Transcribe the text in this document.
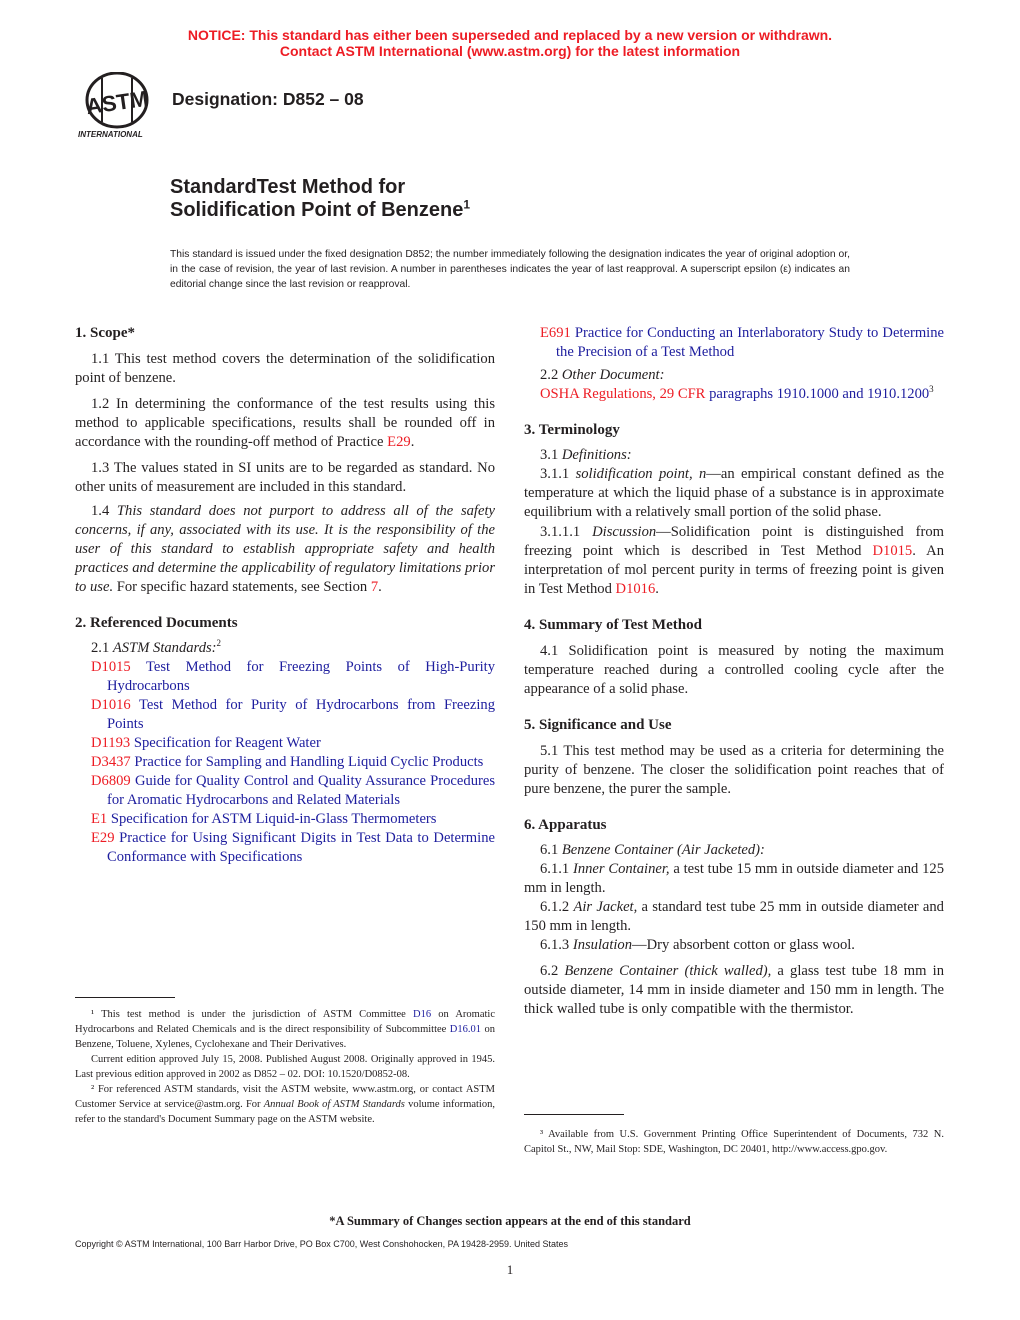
NOTICE: This standard has either been superseded and replaced by a new version or withdrawn.
Contact ASTM International (www.astm.org) for the latest information
ASTM
INTERNATIONAL
Designation: D852 – 08
StandardTest Method for
Solidification Point of Benzene$^1$
This standard is issued under the fixed designation D852; the number immediately following the designation indicates the year of original adoption or, in the case of revision, the year of last revision. A number in parentheses indicates the year of last reapproval. A superscript epsilon (ε) indicates an editorial change since the last revision or reapproval.

1. Scope*

1.1 This test method covers the determination of the solidification point of benzene.

1.2 In determining the conformance of the test results using this method to applicable specifications, results shall be rounded off in accordance with the rounding-off method of Practice E29.

1.3 The values stated in SI units are to be regarded as standard. No other units of measurement are included in this standard.

1.4 This standard does not purport to address all of the safety concerns, if any, associated with its use. It is the responsibility of the user of this standard to establish appropriate safety and health practices and determine the applicability of regulatory limitations prior to use. For specific hazard statements, see Section 7.

2. Referenced Documents

2.1 ASTM Standards:$^2$

D1015 Test Method for Freezing Points of High-Purity Hydrocarbons

D1016 Test Method for Purity of Hydrocarbons from Freezing Points

D1193 Specification for Reagent Water

D3437 Practice for Sampling and Handling Liquid Cyclic Products

D6809 Guide for Quality Control and Quality Assurance Procedures for Aromatic Hydrocarbons and Related Materials

E1 Specification for ASTM Liquid-in-Glass Thermometers

E29 Practice for Using Significant Digits in Test Data to Determine Conformance with Specifications

¹ This test method is under the jurisdiction of ASTM Committee D16 on Aromatic Hydrocarbons and Related Chemicals and is the direct responsibility of Subcommittee D16.01 on Benzene, Toluene, Xylenes, Cyclohexane and Their Derivatives.

Current edition approved July 15, 2008. Published August 2008. Originally approved in 1945. Last previous edition approved in 2002 as D852 – 02. DOI: 10.1520/D0852-08.

² For referenced ASTM standards, visit the ASTM website, www.astm.org, or contact ASTM Customer Service at service@astm.org. For Annual Book of ASTM Standards volume information, refer to the standard's Document Summary page on the ASTM website.

E691 Practice for Conducting an Interlaboratory Study to Determine the Precision of a Test Method

2.2 Other Document:

OSHA Regulations, 29 CFR paragraphs 1910.1000 and 1910.1200$^3$

3. Terminology

3.1 Definitions:

3.1.1 solidification point, n—an empirical constant defined as the temperature at which the liquid phase of a substance is in approximate equilibrium with a relatively small portion of the solid phase.

3.1.1.1 Discussion—Solidification point is distinguished from freezing point which is described in Test Method D1015. An interpretation of mol percent purity in terms of freezing point is given in Test Method D1016.

4. Summary of Test Method

4.1 Solidification point is measured by noting the maximum temperature reached during a controlled cooling cycle after the appearance of a solid phase.

5. Significance and Use

5.1 This test method may be used as a criteria for determining the purity of benzene. The closer the solidification point reaches that of pure benzene, the purer the sample.

6. Apparatus

6.1 Benzene Container (Air Jacketed):

6.1.1 Inner Container, a test tube 15 mm in outside diameter and 125 mm in length.

6.1.2 Air Jacket, a standard test tube 25 mm in outside diameter and 150 mm in length.

6.1.3 Insulation—Dry absorbent cotton or glass wool.

6.2 Benzene Container (thick walled), a glass test tube 18 mm in outside diameter, 14 mm in inside diameter and 150 mm in length. The thick walled tube is only compatible with the thermistor.

³ Available from U.S. Government Printing Office Superintendent of Documents, 732 N. Capitol St., NW, Mail Stop: SDE, Washington, DC 20401, http://www.access.gpo.gov.

*A Summary of Changes section appears at the end of this standard
Copyright © ASTM International, 100 Barr Harbor Drive, PO Box C700, West Conshohocken, PA 19428-2959. United States
1
